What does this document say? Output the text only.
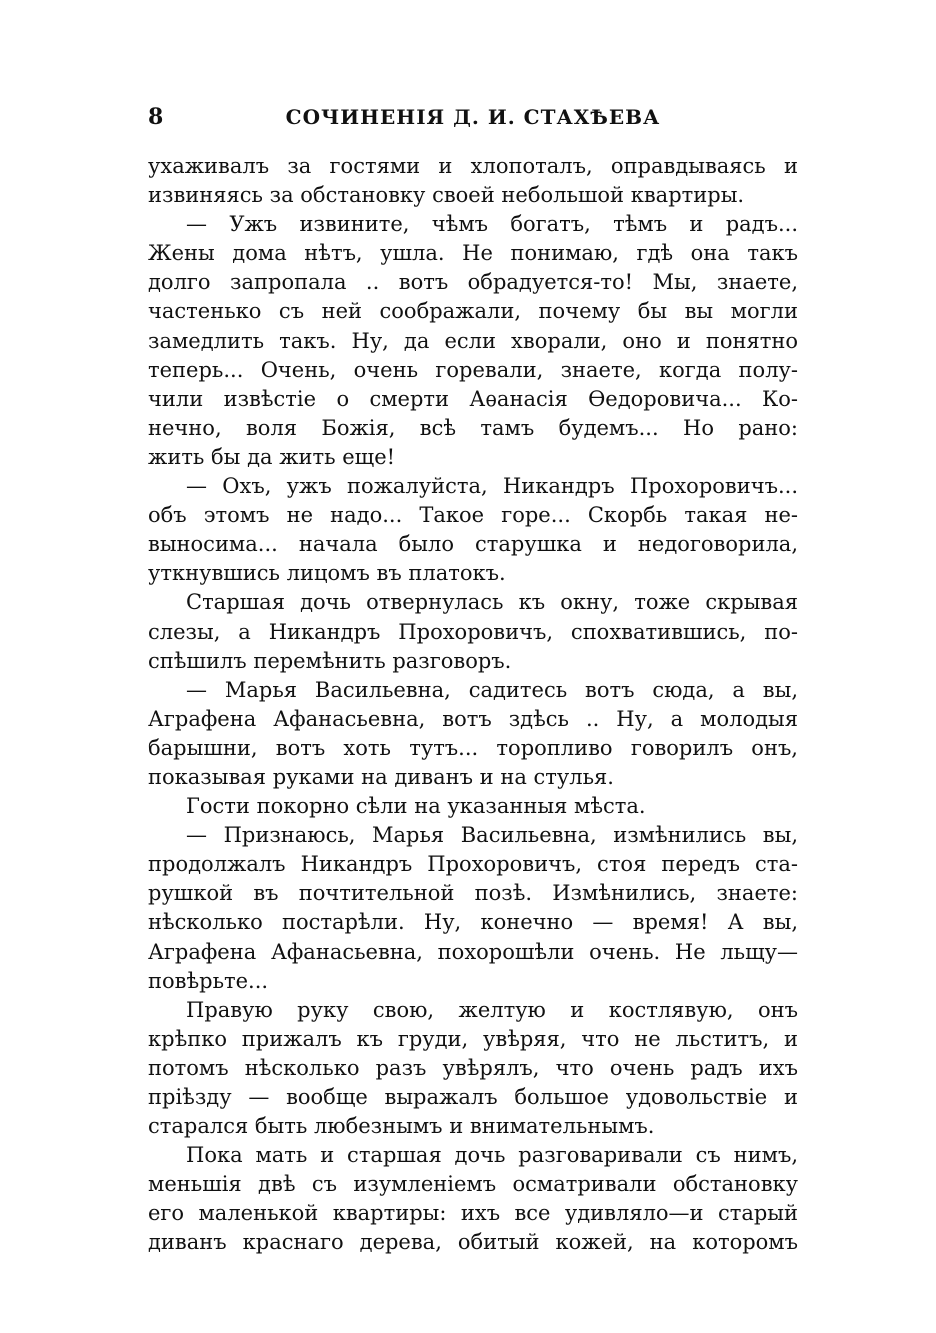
8	СОЧИНЕНІЯ Д. И. СТАХѢЕВА
ухаживалъ за гостями и хлопоталъ, оправдываясь и
извиняясь за обстановку своей небольшой квартиры.
— Ужъ извините, чѣмъ богатъ, тѣмъ и радъ...
Жены дома нѣтъ, ушла. Не понимаю, гдѣ она такъ
долго запропала .. вотъ обрадуется-то! Мы, знаете,
частенько съ ней соображали, почему бы вы могли
замедлить такъ. Ну, да если хворали, оно и понятно
теперь... Очень, очень горевали, знаете, когда полу-
чили извѣстіе о смерти Аѳанасія Ѳедоровича... Ко-
нечно, воля Божія, всѣ тамъ будемъ... Но рано:
жить бы да жить еще!
— Охъ, ужъ пожалуйста, Никандръ Прохоровичъ...
объ этомъ не надо... Такое горе... Скорбь такая не-
выносима... начала было старушка и недоговорила,
уткнувшись лицомъ въ платокъ.
Старшая дочь отвернулась къ окну, тоже скрывая
слезы, а Никандръ Прохоровичъ, спохватившись, по-
спѣшилъ перемѣнить разговоръ.
— Марья Васильевна, садитесь вотъ сюда, а вы,
Аграфена Афанасьевна, вотъ здѣсь .. Ну, а молодыя
барышни, вотъ хоть тутъ... торопливо говорилъ онъ,
показывая руками на диванъ и на стулья.
Гости покорно сѣли на указанныя мѣста.
— Признаюсь, Марья Васильевна, измѣнились вы,
продолжалъ Никандръ Прохоровичъ, стоя передъ ста-
рушкой въ почтительной позѣ. Измѣнились, знаете:
нѣсколько постарѣли. Ну, конечно — время! А вы,
Аграфена Афанасьевна, похорошѣли очень. Не льщу—
повѣрьте...
Правую руку свою, желтую и костлявую, онъ
крѣпко прижалъ къ груди, увѣряя, что не льститъ, и
потомъ нѣсколько разъ увѣрялъ, что очень радъ ихъ
пріѣзду — вообще выражалъ большое удовольствіе и
старался быть любезнымъ и внимательнымъ.
Пока мать и старшая дочь разговаривали съ нимъ,
меньшія двѣ съ изумленіемъ осматривали обстановку
его маленькой квартиры: ихъ все удивляло—и старый
диванъ краснаго дерева, обитый кожей, на которомъ
